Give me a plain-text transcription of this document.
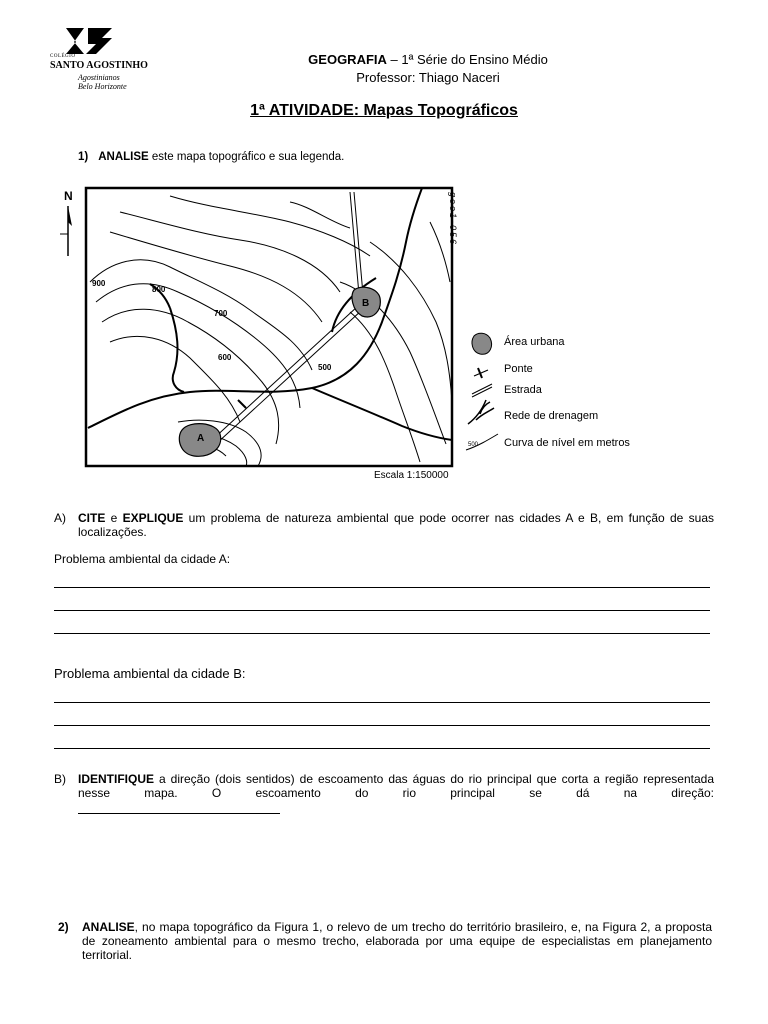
COLÉGIO
SANTO AGOSTINHO
Agostinianos
Belo Horizonte
GEOGRAFIA – 1ª Série do Ensino Médio
Professor: Thiago Naceri
1ª ATIVIDADE: Mapas Topográficos
1) ANALISE este mapa topográfico e sua legenda.
N
B
A
900
800
700
600
500
geo1-056
Escala 1:150000
Área urbana
Ponte
Estrada
Rede de drenagem
500 Curva de nível em metros
A)	CITE e EXPLIQUE um problema de natureza ambiental que pode ocorrer nas cidades A e B, em função de suas localizações.
Problema ambiental da cidade A:
Problema ambiental da cidade B:
B)	IDENTIFIQUE a direção (dois sentidos) de escoamento das águas do rio principal que corta a região representada nesse mapa. O escoamento do rio principal se dá na direção:
2)	ANALISE, no mapa topográfico da Figura 1, o relevo de um trecho do território brasileiro, e, na Figura 2, a proposta de zoneamento ambiental para o mesmo trecho, elaborada por uma equipe de especialistas em planejamento territorial.
